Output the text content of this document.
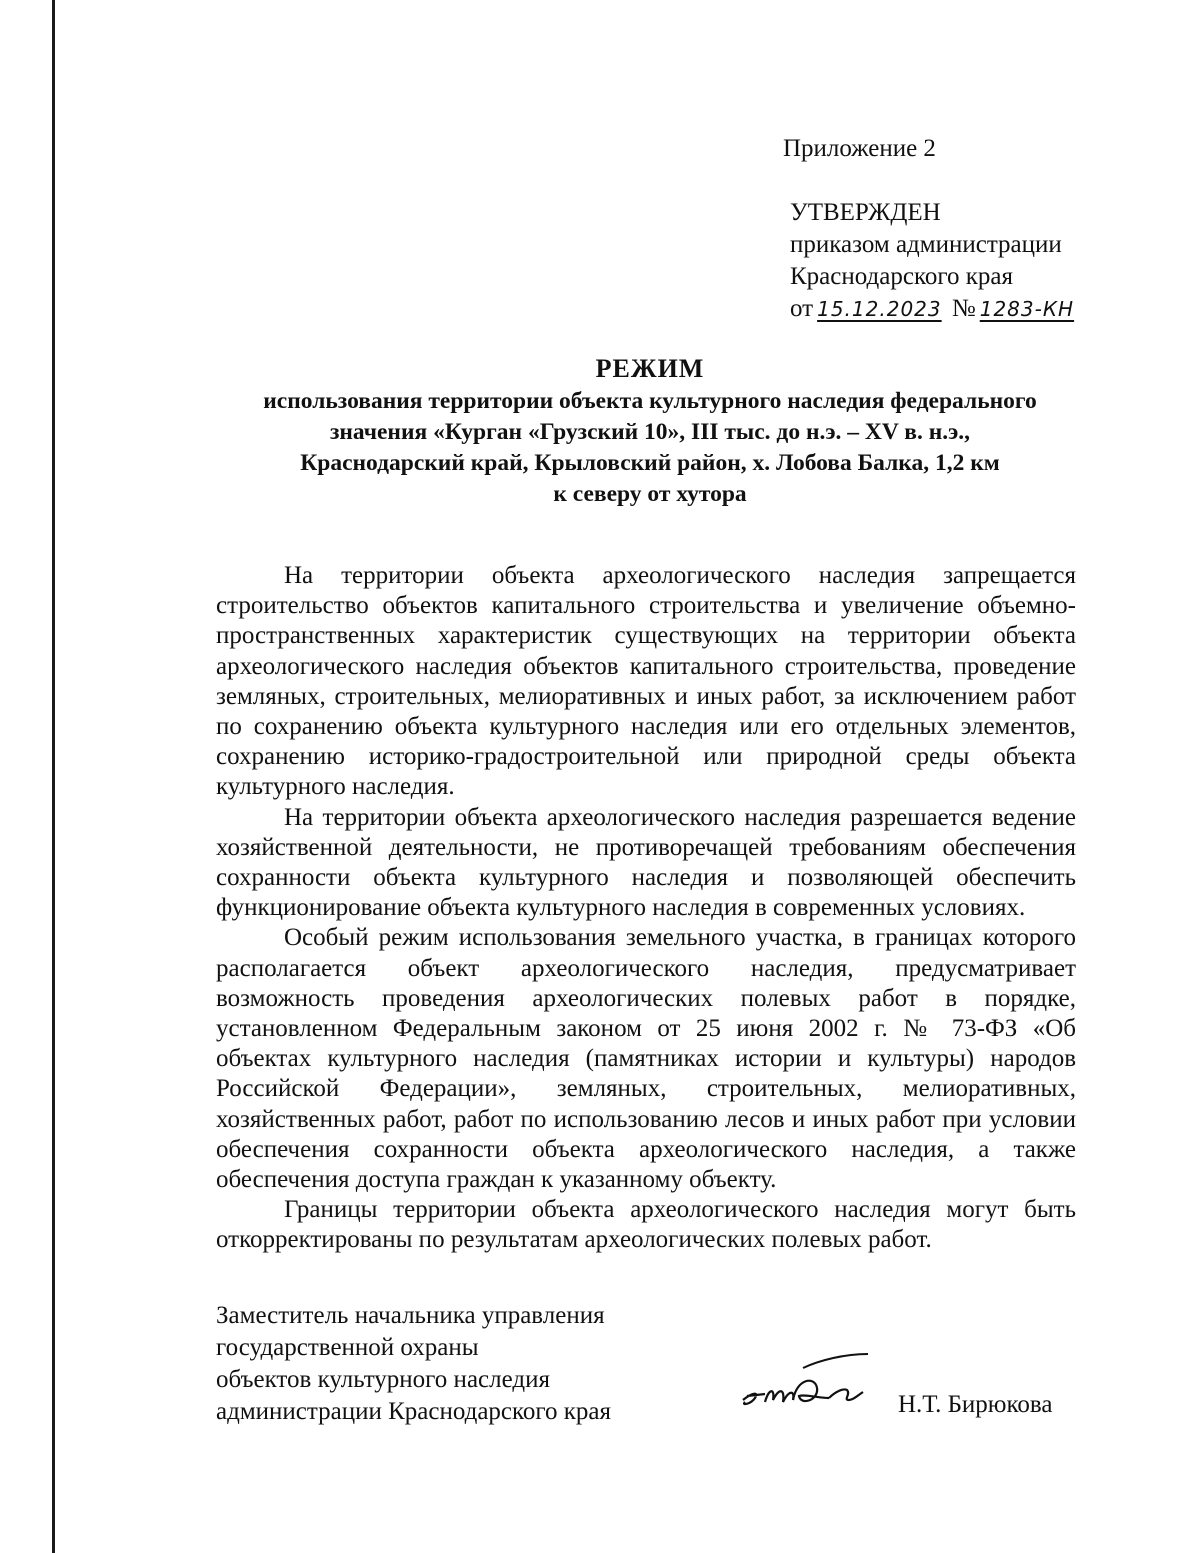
Приложение 2
УТВЕРЖДЕН
приказом администрации
Краснодарского края
от 15.12.2023 № 1283-КН
РЕЖИМ
использования территории объекта культурного наследия федерального
значения «Курган «Грузский 10», III тыс. до н.э. – XV в. н.э.,
Краснодарский край, Крыловский район, х. Лобова Балка, 1,2 км
к северу от хутора

На территории объекта археологического наследия запрещается строительство объектов капитального строительства и увеличение объемно-пространственных характеристик существующих на территории объекта археологического наследия объектов капитального строительства, проведение земляных, строительных, мелиоративных и иных работ, за исключением работ по сохранению объекта культурного наследия или его отдельных элементов, сохранению историко-градостроительной или природной среды объекта культурного наследия.

На территории объекта археологического наследия разрешается ведение хозяйственной деятельности, не противоречащей требованиям обеспечения сохранности объекта культурного наследия и позволяющей обеспечить функционирование объекта культурного наследия в современных условиях.

Особый режим использования земельного участка, в границах которого располагается объект археологического наследия, предусматривает возможность проведения археологических полевых работ в порядке, установленном Федеральным законом от 25 июня 2002 г. № 73-ФЗ «Об объектах культурного наследия (памятниках истории и культуры) народов Российской Федерации», земляных, строительных, мелиоративных, хозяйственных работ, работ по использованию лесов и иных работ при условии обеспечения сохранности объекта археологического наследия, а также обеспечения доступа граждан к указанному объекту.

Границы территории объекта археологического наследия могут быть откорректированы по результатам археологических полевых работ.

Заместитель начальника управления
государственной охраны
объектов культурного наследия
администрации Краснодарского края	Н.Т. Бирюкова
